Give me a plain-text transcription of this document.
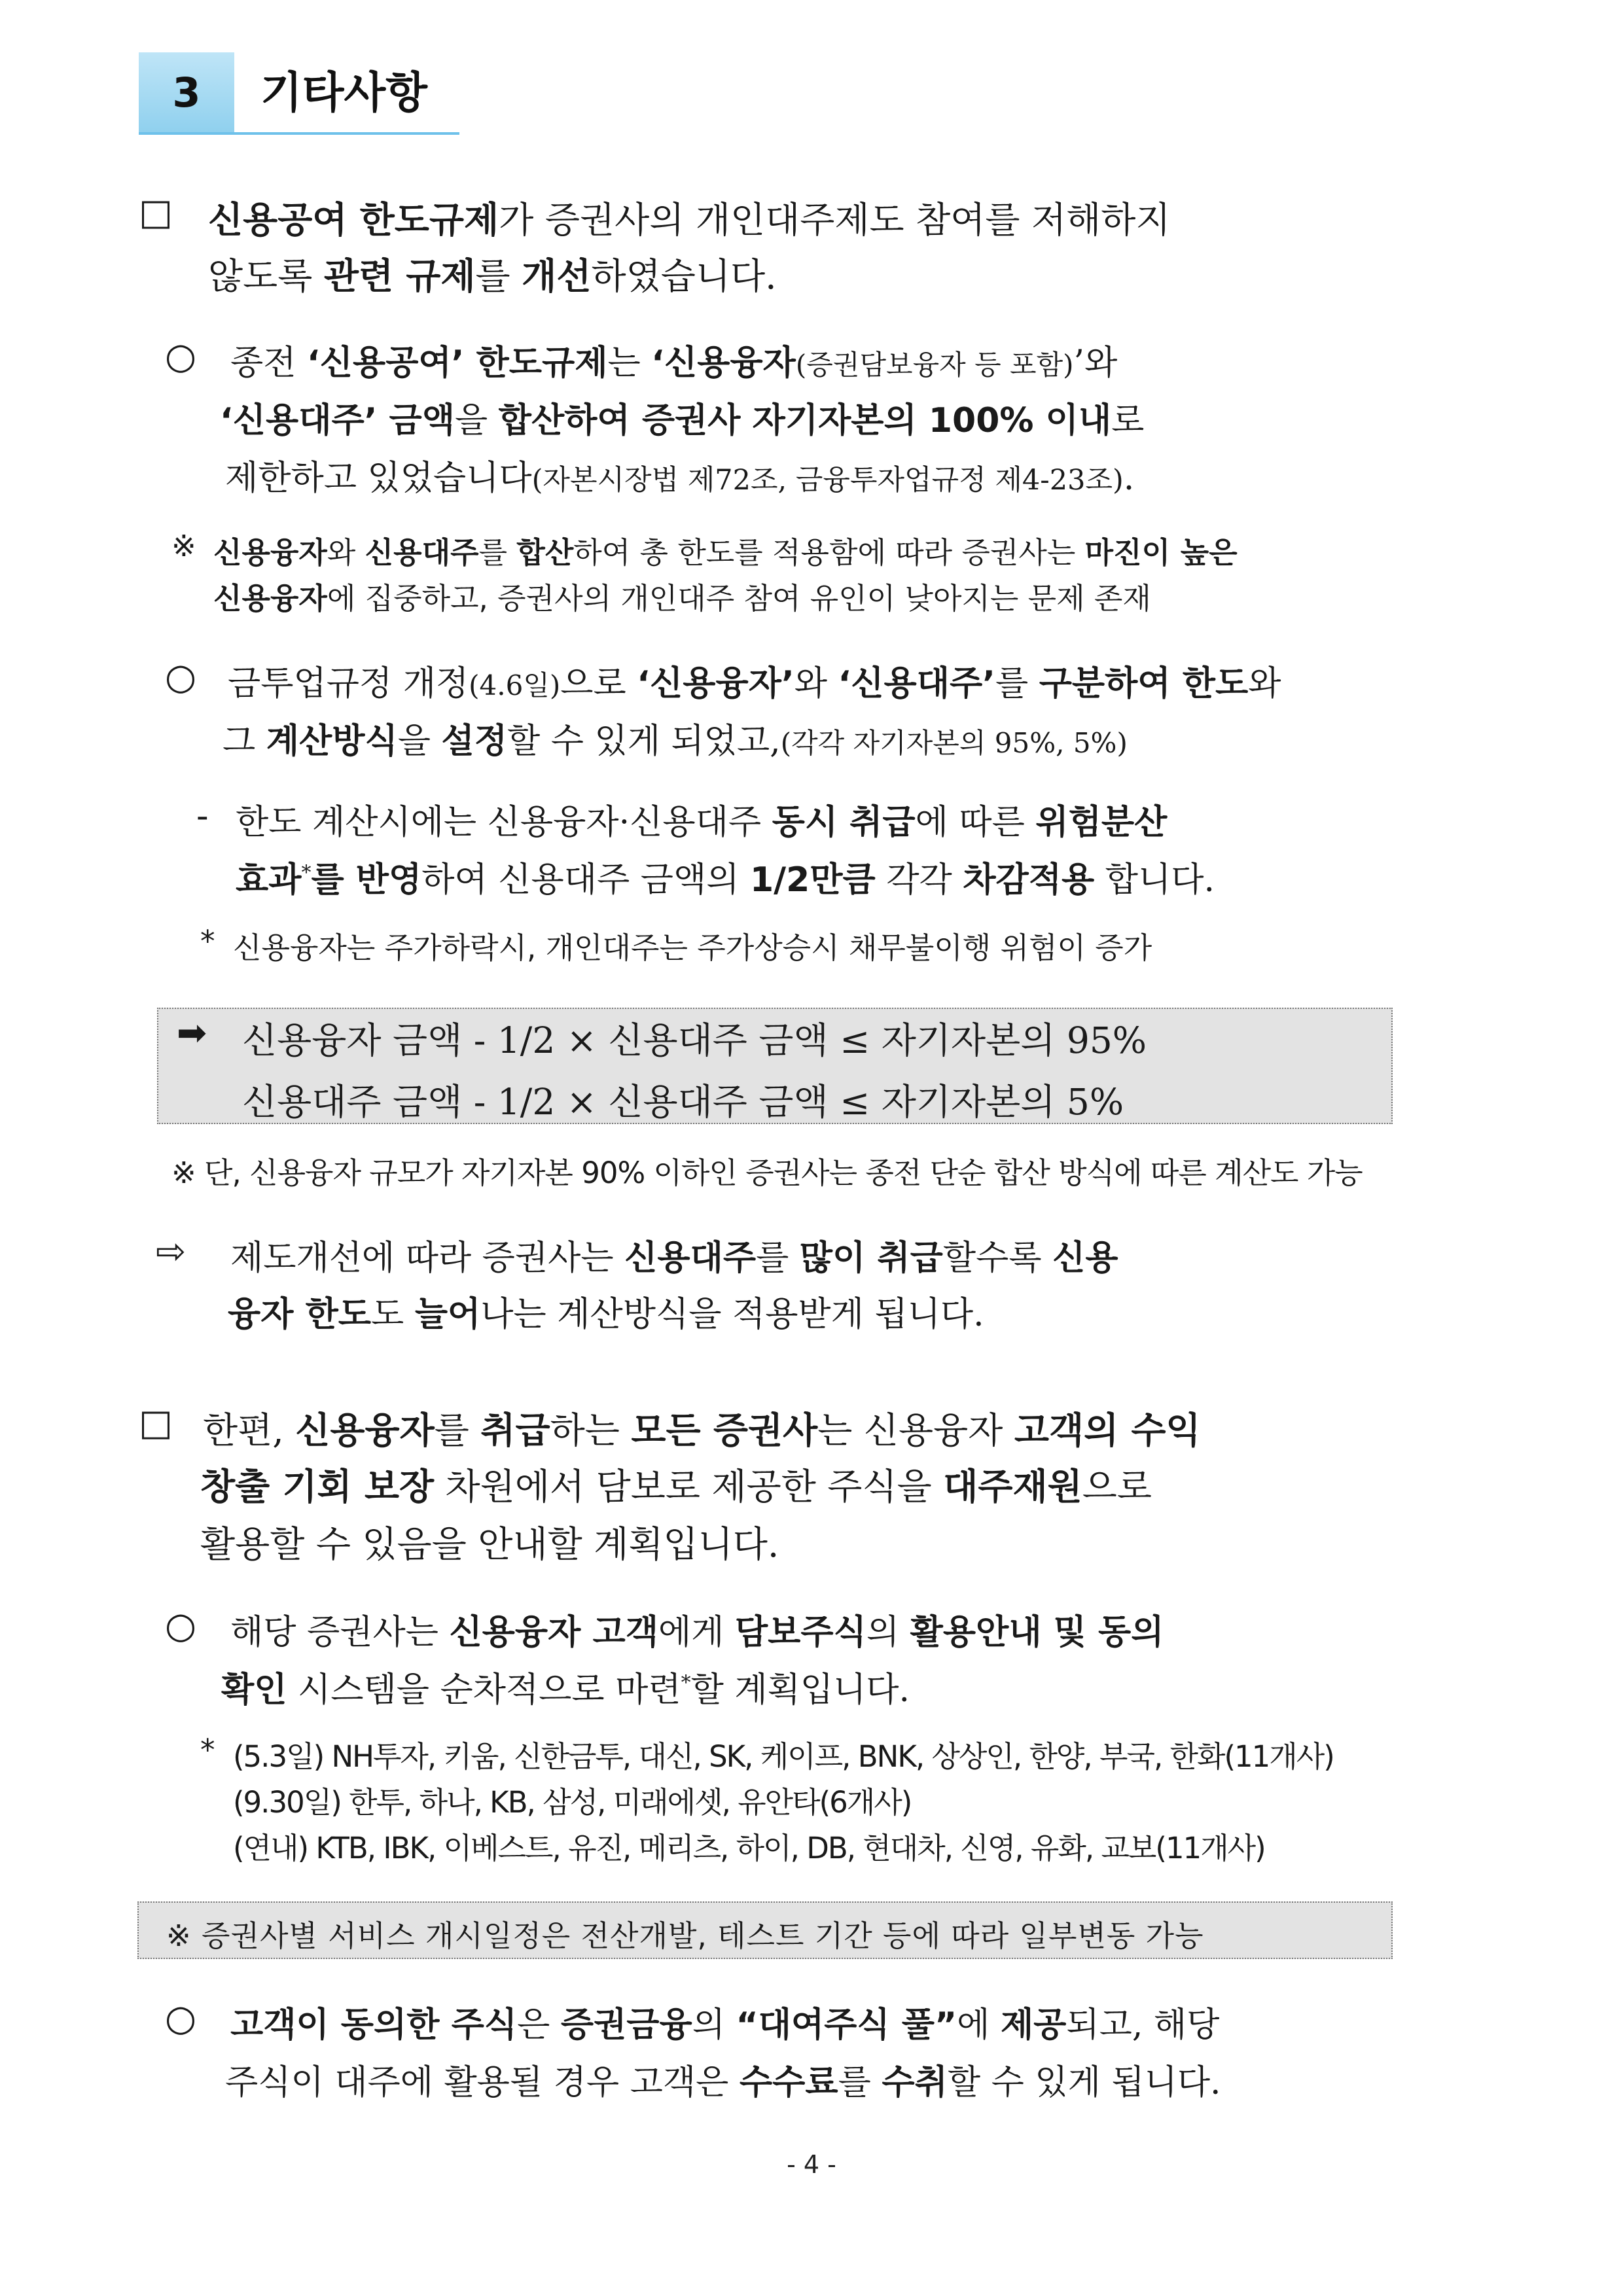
3	기타사항
□ 신용공여 한도규제가 증권사의 개인대주제도 참여를 저해하지
않도록 관련 규제를 개선하였습니다.
○ 종전 ‘신용공여’ 한도규제는 ‘신용융자(증권담보융자 등 포함)’와
‘신용대주’ 금액을 합산하여 증권사 자기자본의 100% 이내로
제한하고 있었습니다(자본시장법 제72조, 금융투자업규정 제4-23조).
※ 신용융자와 신용대주를 합산하여 총 한도를 적용함에 따라 증권사는 마진이 높은
신용융자에 집중하고, 증권사의 개인대주 참여 유인이 낮아지는 문제 존재
○ 금투업규정 개정(4.6일)으로 ‘신용융자’와 ‘신용대주’를 구분하여 한도와
그 계산방식을 설정할 수 있게 되었고,(각각 자기자본의 95%, 5%)
- 한도 계산시에는 신용융자·신용대주 동시 취급에 따른 위험분산
효과*를 반영하여 신용대주 금액의 1/2만큼 각각 차감적용 합니다.
* 신용융자는 주가하락시, 개인대주는 주가상승시 채무불이행 위험이 증가
➡ 신용융자 금액 - 1/2 × 신용대주 금액 ≤ 자기자본의 95%
신용대주 금액 - 1/2 × 신용대주 금액 ≤ 자기자본의 5%
※ 단, 신용융자 규모가 자기자본 90% 이하인 증권사는 종전 단순 합산 방식에 따른 계산도 가능
⇨ 제도개선에 따라 증권사는 신용대주를 많이 취급할수록 신용
융자 한도도 늘어나는 계산방식을 적용받게 됩니다.
□ 한편, 신용융자를 취급하는 모든 증권사는 신용융자 고객의 수익
창출 기회 보장 차원에서 담보로 제공한 주식을 대주재원으로
활용할 수 있음을 안내할 계획입니다.
○ 해당 증권사는 신용융자 고객에게 담보주식의 활용안내 및 동의
확인 시스템을 순차적으로 마련*할 계획입니다.
* (5.3일) NH투자, 키움, 신한금투, 대신, SK, 케이프, BNK, 상상인, 한양, 부국, 한화(11개사)
(9.30일) 한투, 하나, KB, 삼성, 미래에셋, 유안타(6개사)
(연내) KTB, IBK, 이베스트, 유진, 메리츠, 하이, DB, 현대차, 신영, 유화, 교보(11개사)
※ 증권사별 서비스 개시일정은 전산개발, 테스트 기간 등에 따라 일부변동 가능
○ 고객이 동의한 주식은 증권금융의 “대여주식 풀”에 제공되고, 해당
주식이 대주에 활용될 경우 고객은 수수료를 수취할 수 있게 됩니다.
- 4 -
